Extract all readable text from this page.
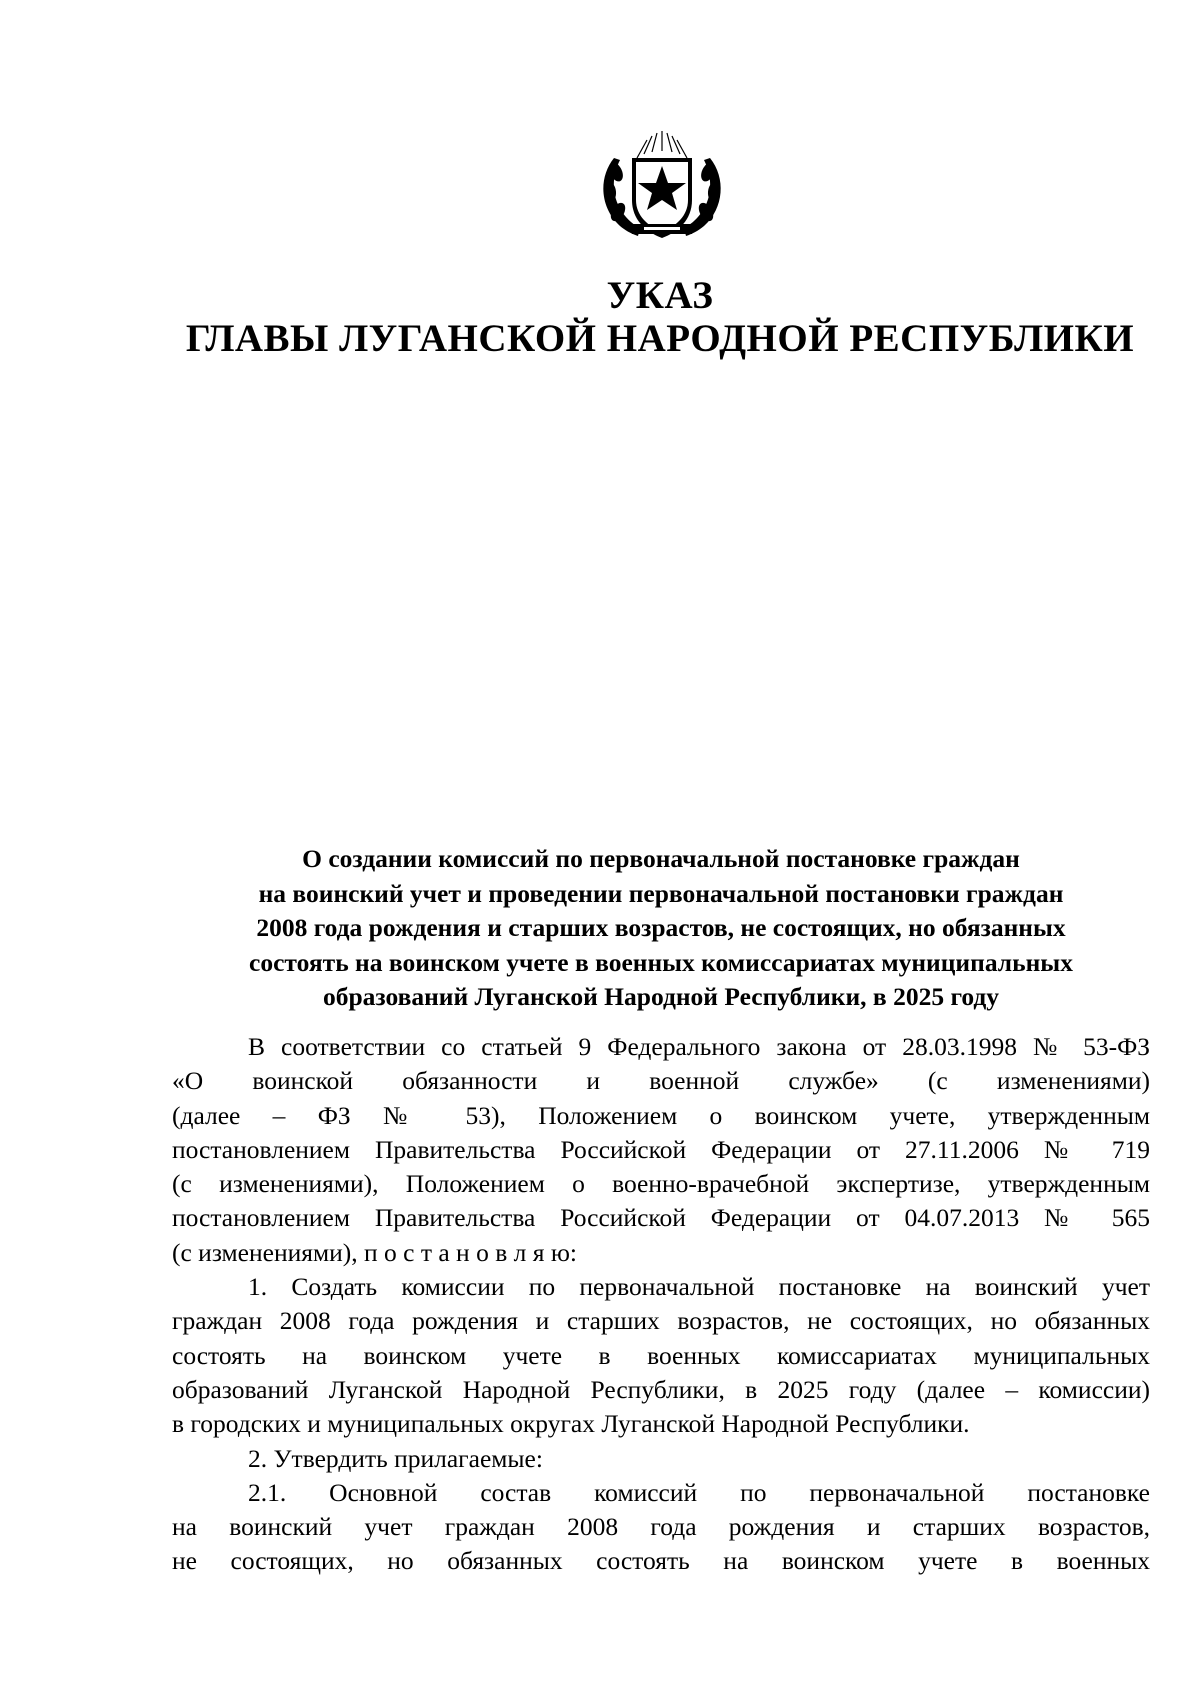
УКАЗ
ГЛАВЫ ЛУГАНСКОЙ НАРОДНОЙ РЕСПУБЛИКИ
О создании комиссий по первоначальной постановке граждан
на воинский учет и проведении первоначальной постановки граждан
2008 года рождения и старших возрастов, не состоящих, но обязанных
состоять на воинском учете в военных комиссариатах муниципальных
образований Луганской Народной Республики, в 2025 году
В соответствии со статьей 9 Федерального закона от 28.03.1998 № 53-ФЗ
«О воинской обязанности и военной службе» (с изменениями)
(далее – ФЗ № 53), Положением о воинском учете, утвержденным
постановлением Правительства Российской Федерации от 27.11.2006 № 719
(с изменениями), Положением о военно-врачебной экспертизе, утвержденным
постановлением Правительства Российской Федерации от 04.07.2013 № 565
(с изменениями), п о с т а н о в л я ю:
1. Создать комиссии по первоначальной постановке на воинский учет
граждан 2008 года рождения и старших возрастов, не состоящих, но обязанных
состоять на воинском учете в военных комиссариатах муниципальных
образований Луганской Народной Республики, в 2025 году (далее – комиссии)
в городских и муниципальных округах Луганской Народной Республики.
2. Утвердить прилагаемые:
2.1. Основной состав комиссий по первоначальной постановке
на воинский учет граждан 2008 года рождения и старших возрастов,
не состоящих, но обязанных состоять на воинском учете в военных
